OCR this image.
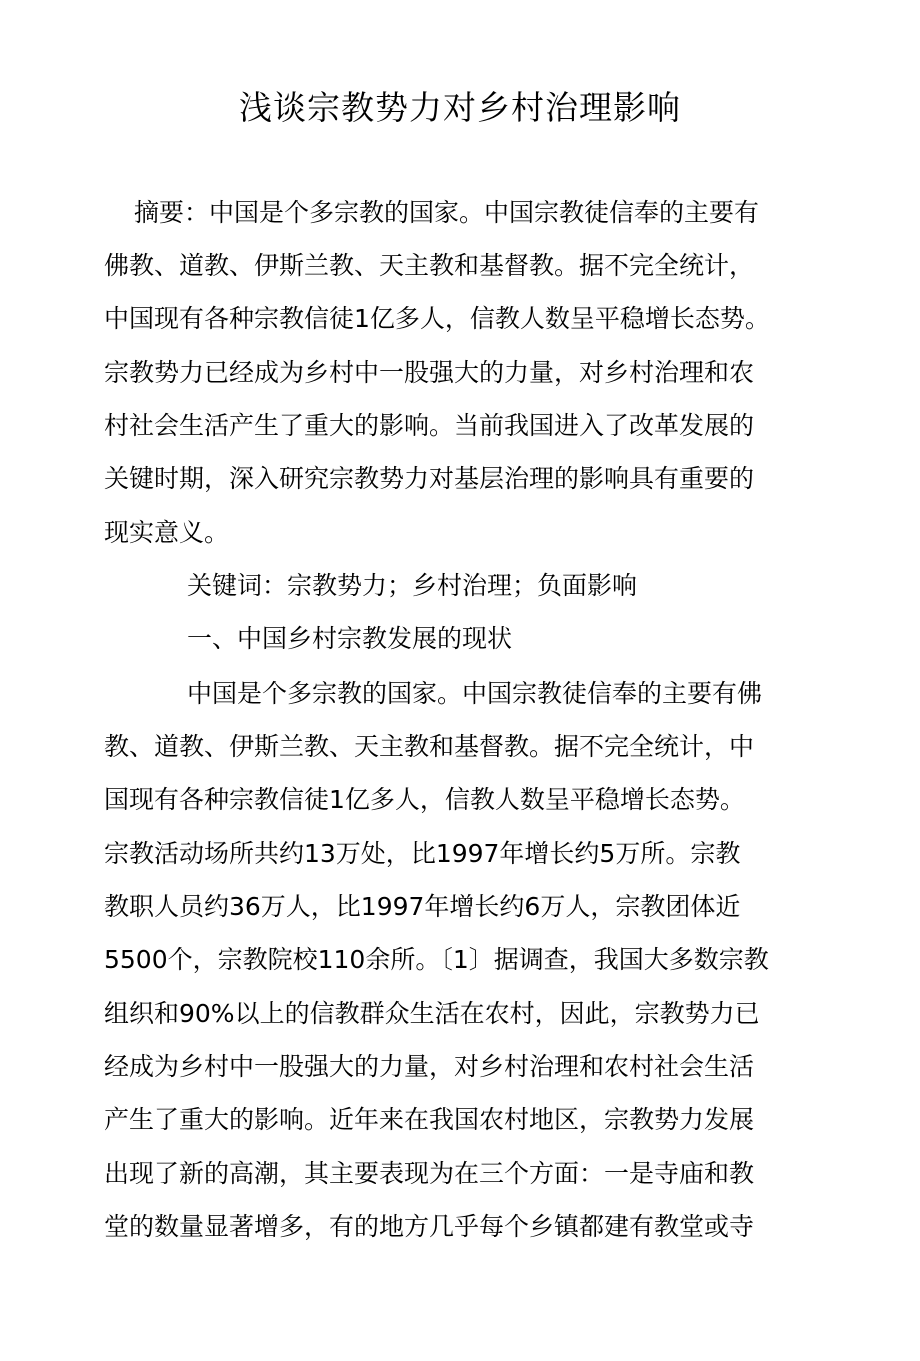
浅谈宗教势力对乡村治理影响
摘要：中国是个多宗教的国家。中国宗教徒信奉的主要有
佛教、道教、伊斯兰教、天主教和基督教。据不完全统计，
中国现有各种宗教信徒1亿多人，信教人数呈平稳增长态势。
宗教势力已经成为乡村中一股强大的力量，对乡村治理和农
村社会生活产生了重大的影响。当前我国进入了改革发展的
关键时期，深入研究宗教势力对基层治理的影响具有重要的
现实意义。
关键词：宗教势力；乡村治理；负面影响
一、中国乡村宗教发展的现状
中国是个多宗教的国家。中国宗教徒信奉的主要有佛
教、道教、伊斯兰教、天主教和基督教。据不完全统计，中
国现有各种宗教信徒1亿多人，信教人数呈平稳增长态势。
宗教活动场所共约13万处，比1997年增长约5万所。宗教
教职人员约36万人，比1997年增长约6万人，宗教团体近
5500个，宗教院校110余所。〔1〕据调查，我国大多数宗教
组织和90%以上的信教群众生活在农村，因此，宗教势力已
经成为乡村中一股强大的力量，对乡村治理和农村社会生活
产生了重大的影响。近年来在我国农村地区，宗教势力发展
出现了新的高潮，其主要表现为在三个方面：一是寺庙和教
堂的数量显著增多，有的地方几乎每个乡镇都建有教堂或寺
